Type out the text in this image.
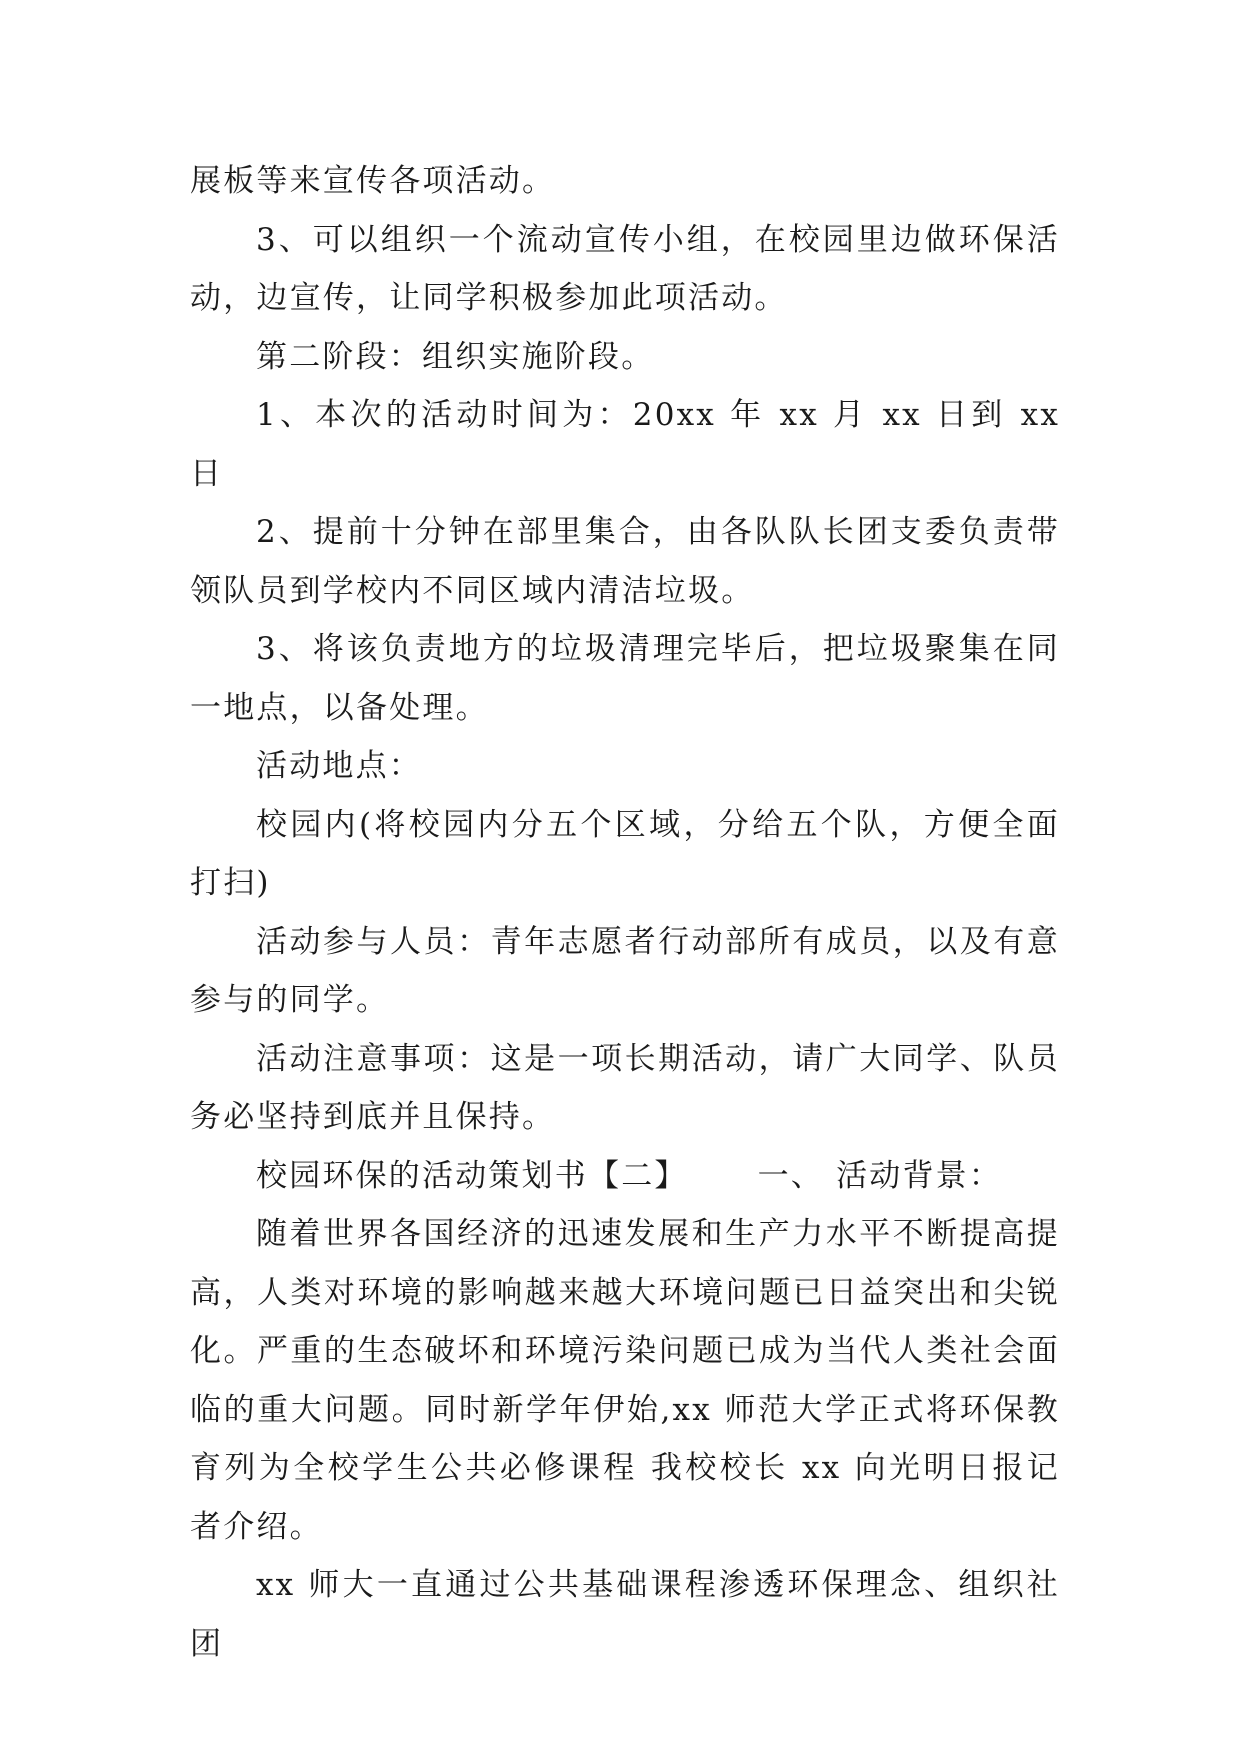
展板等来宣传各项活动。

3、可以组织一个流动宣传小组，在校园里边做环保活动，边宣传，让同学积极参加此项活动。

第二阶段：组织实施阶段。

1、本次的活动时间为：20xx 年 xx 月 xx 日到 xx 日

2、提前十分钟在部里集合，由各队队长团支委负责带领队员到学校内不同区域内清洁垃圾。

3、将该负责地方的垃圾清理完毕后，把垃圾聚集在同一地点，以备处理。

活动地点：

校园内(将校园内分五个区域，分给五个队，方便全面打扫)

活动参与人员：青年志愿者行动部所有成员，以及有意参与的同学。

活动注意事项：这是一项长期活动，请广大同学、队员务必坚持到底并且保持。

校园环保的活动策划书【二】 一、 活动背景：

随着世界各国经济的迅速发展和生产力水平不断提高提高，人类对环境的影响越来越大环境问题已日益突出和尖锐化。严重的生态破坏和环境污染问题已成为当代人类社会面临的重大问题。同时新学年伊始,xx 师范大学正式将环保教育列为全校学生公共必修课程 我校校长 xx 向光明日报记者介绍。

xx 师大一直通过公共基础课程渗透环保理念、组织社团
